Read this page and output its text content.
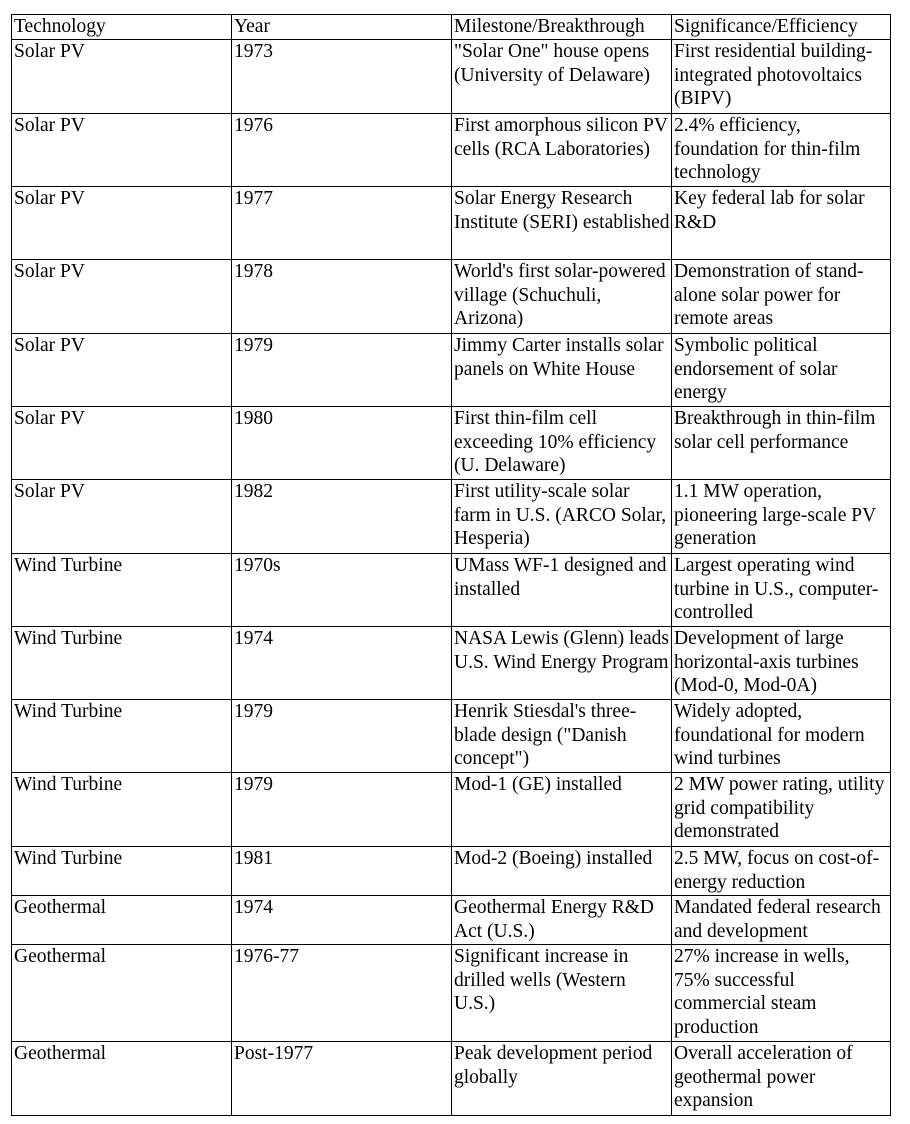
Technology	Year	Milestone/Breakthrough	Significance/Efficiency
Solar PV	1973	"Solar One" house opens (University of Delaware)	First residential building-integrated photovoltaics (BIPV)
Solar PV	1976	First amorphous silicon PV cells (RCA Laboratories)	2.4% efficiency, foundation for thin-film technology
Solar PV	1977	Solar Energy Research Institute (SERI) established	Key federal lab for solar R&D
Solar PV	1978	World's first solar-powered village (Schuchuli, Arizona)	Demonstration of stand-alone solar power for remote areas
Solar PV	1979	Jimmy Carter installs solar panels on White House	Symbolic political endorsement of solar energy
Solar PV	1980	First thin-film cell exceeding 10% efficiency (U. Delaware)	Breakthrough in thin-film solar cell performance
Solar PV	1982	First utility-scale solar farm in U.S. (ARCO Solar, Hesperia)	1.1 MW operation, pioneering large-scale PV generation
Wind Turbine	1970s	UMass WF-1 designed and installed	Largest operating wind turbine in U.S., computer-controlled
Wind Turbine	1974	NASA Lewis (Glenn) leads U.S. Wind Energy Program	Development of large horizontal-axis turbines (Mod-0, Mod-0A)
Wind Turbine	1979	Henrik Stiesdal's three-blade design ("Danish concept")	Widely adopted, foundational for modern wind turbines
Wind Turbine	1979	Mod-1 (GE) installed	2 MW power rating, utility grid compatibility demonstrated
Wind Turbine	1981	Mod-2 (Boeing) installed	2.5 MW, focus on cost-of-energy reduction
Geothermal	1974	Geothermal Energy R&D Act (U.S.)	Mandated federal research and development
Geothermal	1976-77	Significant increase in drilled wells (Western U.S.)	27% increase in wells, 75% successful commercial steam production
Geothermal	Post-1977	Peak development period globally	Overall acceleration of geothermal power expansion
